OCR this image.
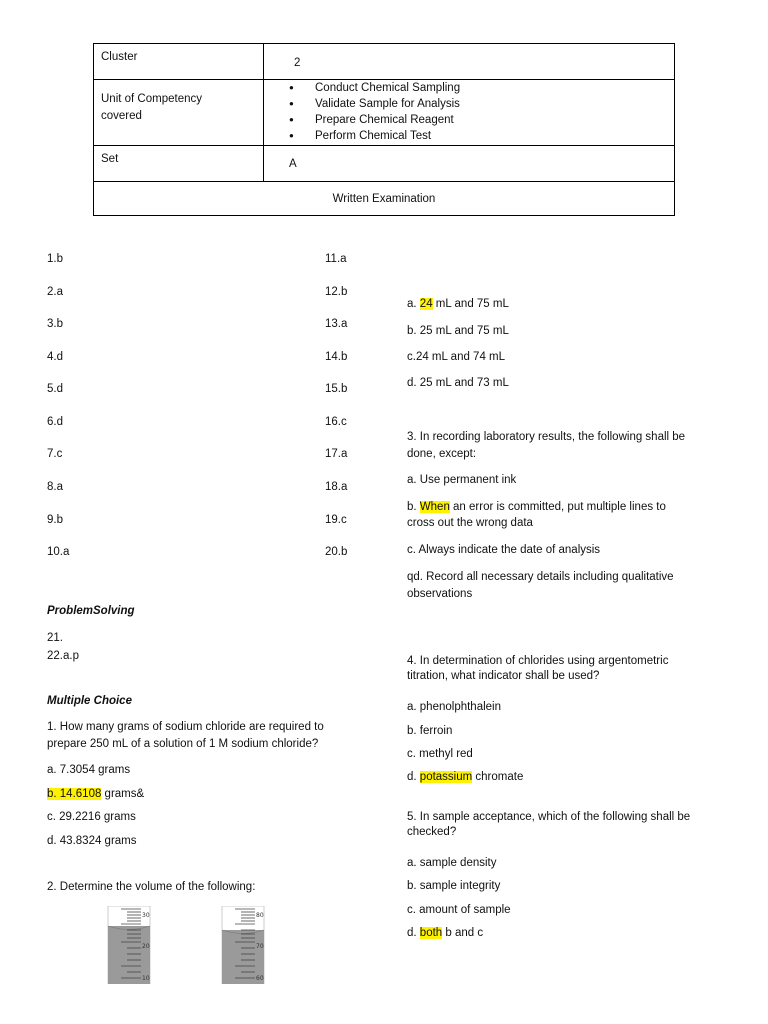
Cluster	2
Unit of Competency
covered
● Conduct Chemical Sampling
● Validate Sample for Analysis
● Prepare Chemical Reagent
● Perform Chemical Test
Set	A
Written Examination
1.b
2.a
3.b
4.d
5.d
6.d
7.c
8.a
9.b
10.a
11.a
12.b
13.a
14.b
15.b
16.c
17.a
18.a
19.c
20.b
ProblemSolving
21.
22.a.p
Multiple Choice
1. How many grams of sodium chloride are required to
prepare 250 mL of a solution of 1 M sodium chloride?
a. 7.3054 grams
b. 14.6108 grams&
c. 29.2216 grams
d. 43.8324 grams
2. Determine the volume of the following:
30
20
10
80
70
60
a. 24 mL and 75 mL
b. 25 mL and 75 mL
c.24 mL and 74 mL
d. 25 mL and 73 mL
3. In recording laboratory results, the following shall be
done, except:
a. Use permanent ink
b. When an error is committed, put multiple lines to
cross out the wrong data
c. Always indicate the date of analysis
qd. Record all necessary details including qualitative
observations
4. In determination of chlorides using argentometric
titration, what indicator shall be used?
a. phenolphthalein
b. ferroin
c. methyl red
d. potassium chromate
5. In sample acceptance, which of the following shall be
checked?
a. sample density
b. sample integrity
c. amount of sample
d. both b and c
